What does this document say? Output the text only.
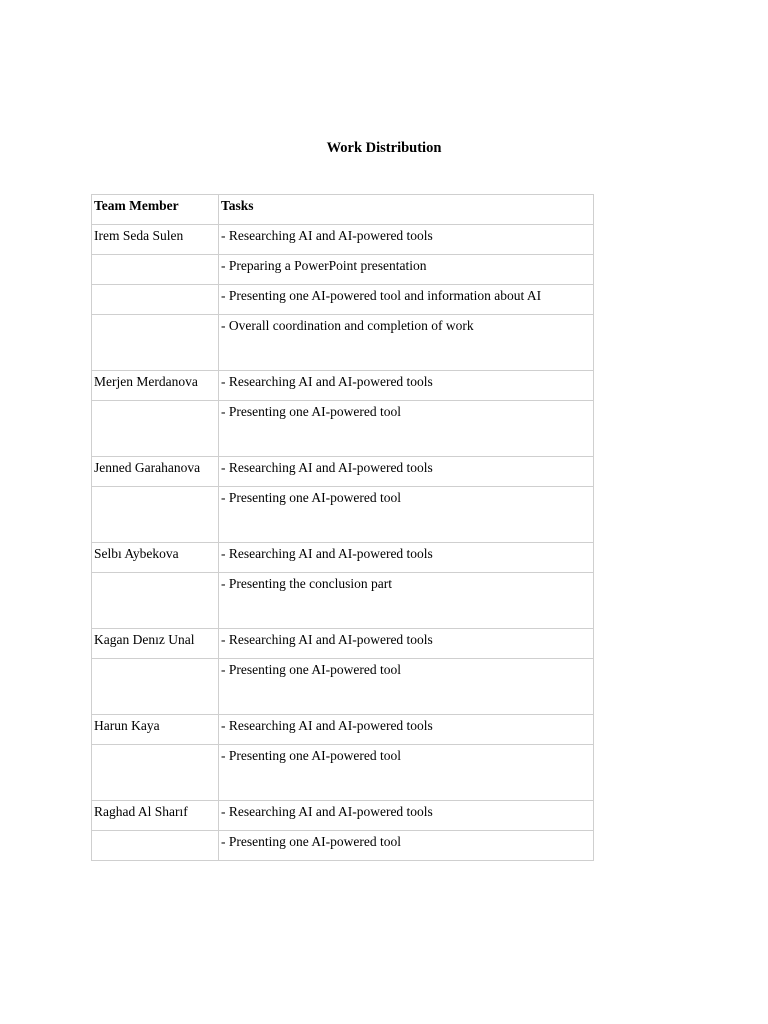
Work Distribution
Team Member	Tasks
Irem Seda Sulen	- Researching AI and AI-powered tools
	- Preparing a PowerPoint presentation
	- Presenting one AI-powered tool and information about AI
	- Overall coordination and completion of work
Merjen Merdanova	- Researching AI and AI-powered tools
	- Presenting one AI-powered tool
Jenned Garahanova	- Researching AI and AI-powered tools
	- Presenting one AI-powered tool
Selbı Aybekova	- Researching AI and AI-powered tools
	- Presenting the conclusion part
Kagan Denız Unal	- Researching AI and AI-powered tools
	- Presenting one AI-powered tool
Harun Kaya	- Researching AI and AI-powered tools
	- Presenting one AI-powered tool
Raghad Al Sharıf	- Researching AI and AI-powered tools
	- Presenting one AI-powered tool
